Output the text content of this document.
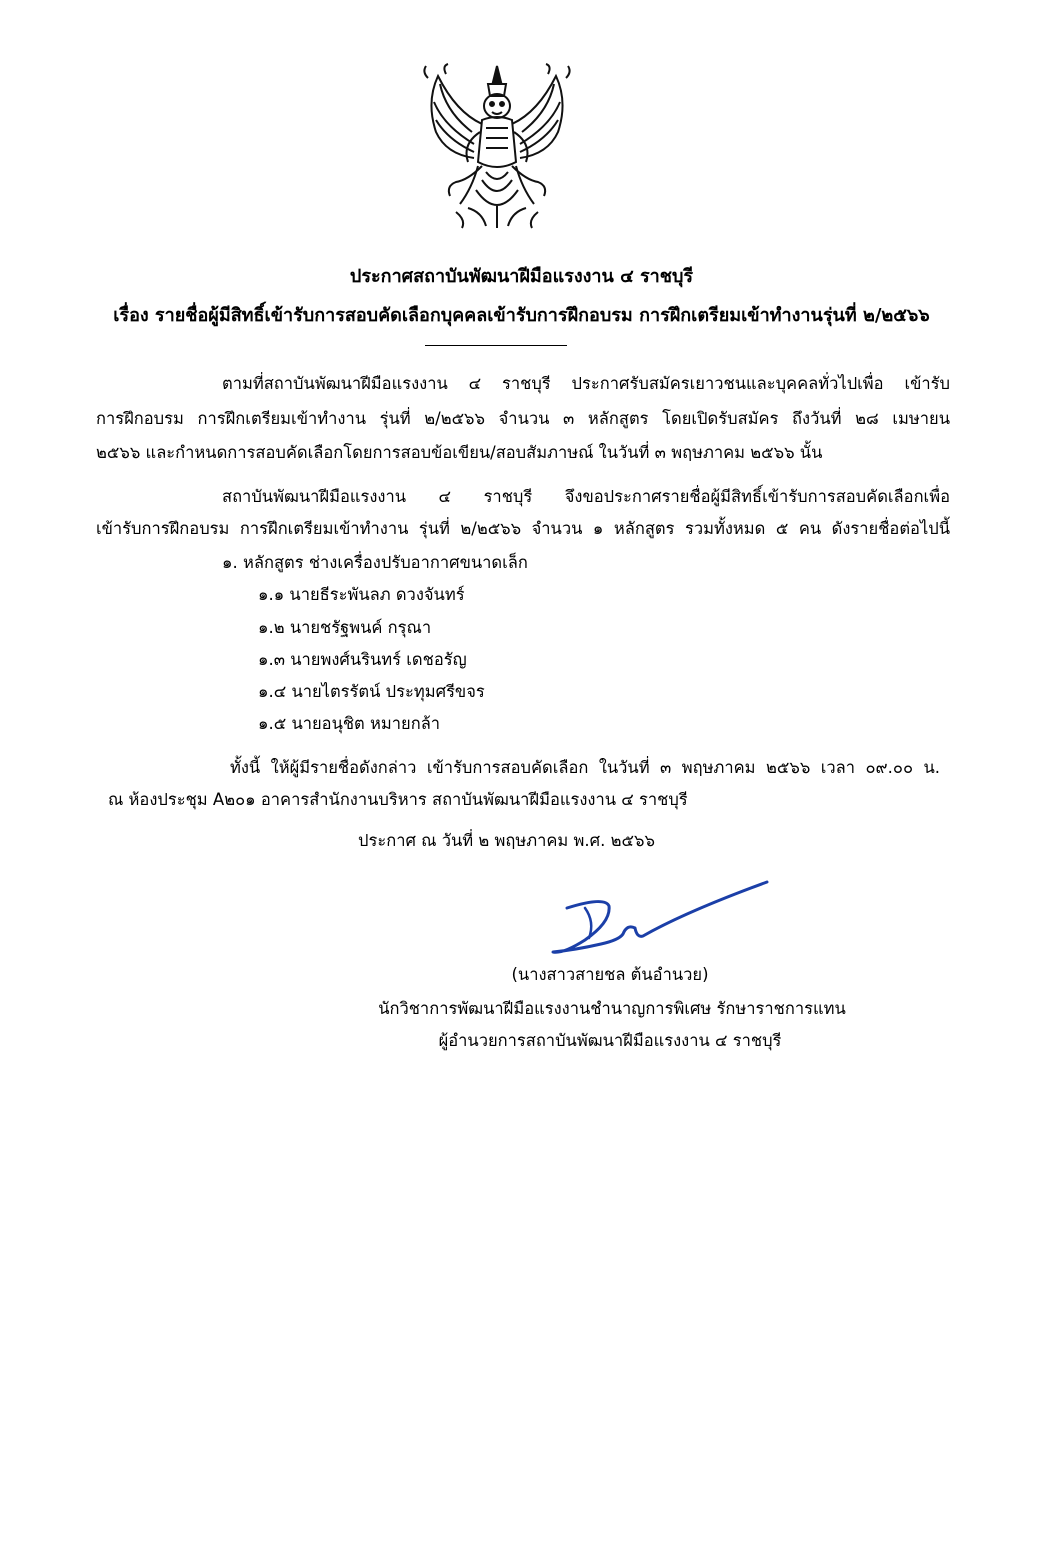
ประกาศสถาบันพัฒนาฝีมือแรงงาน ๔ ราชบุรี
เรื่อง รายชื่อผู้มีสิทธิ์เข้ารับการสอบคัดเลือกบุคคลเข้ารับการฝึกอบรม การฝึกเตรียมเข้าทำงานรุ่นที่ ๒/๒๕๖๖
ตามที่สถาบันพัฒนาฝีมือแรงงาน ๔ ราชบุรี ประกาศรับสมัครเยาวชนและบุคคลทั่วไปเพื่อ เข้ารับ
การฝึกอบรม การฝึกเตรียมเข้าทำงาน รุ่นที่ ๒/๒๕๖๖ จำนวน ๓ หลักสูตร โดยเปิดรับสมัคร ถึงวันที่ ๒๘ เมษายน
๒๕๖๖ และกำหนดการสอบคัดเลือกโดยการสอบข้อเขียน/สอบสัมภาษณ์ ในวันที่ ๓ พฤษภาคม ๒๕๖๖ นั้น
สถาบันพัฒนาฝีมือแรงงาน ๔ ราชบุรี จึงขอประกาศรายชื่อผู้มีสิทธิ์เข้ารับการสอบคัดเลือกเพื่อ
เข้ารับการฝึกอบรม การฝึกเตรียมเข้าทำงาน รุ่นที่ ๒/๒๕๖๖ จำนวน ๑ หลักสูตร รวมทั้งหมด ๕ คน ดังรายชื่อต่อไปนี้
๑. หลักสูตร ช่างเครื่องปรับอากาศขนาดเล็ก
๑.๑ นายธีระพันลภ ดวงจันทร์
๑.๒ นายชรัฐพนค์ กรุณา
๑.๓ นายพงศ์นรินทร์ เดชอรัญ
๑.๔ นายไตรรัตน์ ประทุมศรีขจร
๑.๕ นายอนุชิต หมายกล้า
ทั้งนี้ ให้ผู้มีรายชื่อดังกล่าว เข้ารับการสอบคัดเลือก ในวันที่ ๓ พฤษภาคม ๒๕๖๖ เวลา ๐๙.๐๐ น.
ณ ห้องประชุม A๒๐๑ อาคารสำนักงานบริหาร สถาบันพัฒนาฝีมือแรงงาน ๔ ราชบุรี
ประกาศ ณ วันที่ ๒ พฤษภาคม พ.ศ. ๒๕๖๖
(นางสาวสายชล ต้นอำนวย)
นักวิชาการพัฒนาฝีมือแรงงานชำนาญการพิเศษ รักษาราชการแทน
ผู้อำนวยการสถาบันพัฒนาฝีมือแรงงาน ๔ ราชบุรี
